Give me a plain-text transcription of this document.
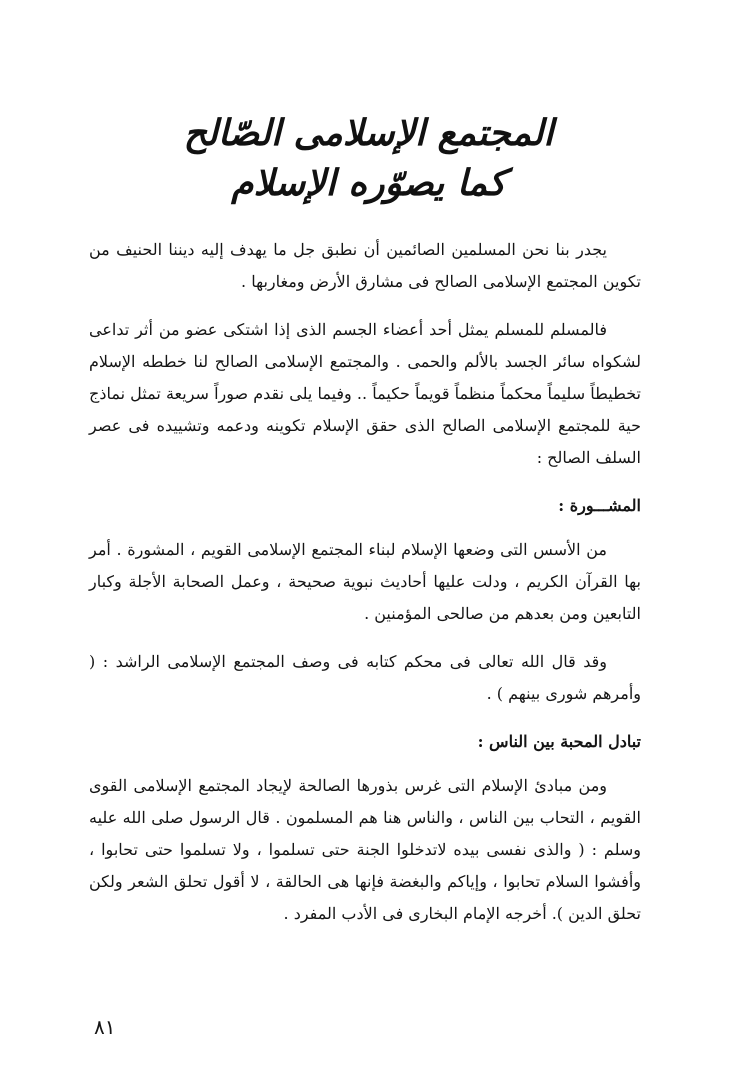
المجتمع الإسلامى الصّالح
كما يصوّره الإسلام

يجدر بنا نحن المسلمين الصائمين أن نطبق جل ما يهدف إليه ديننا الحنيف من تكوين المجتمع الإسلامى الصالح فى مشارق الأرض ومغاربها .

فالمسلم للمسلم يمثل أحد أعضاء الجسم الذى إذا اشتكى عضو من أثر تداعى لشكواه سائر الجسد بالألم والحمى . والمجتمع الإسلامى الصالح لنا خططه الإسلام تخطيطاً سليماً محكماً منظماً قويماً حكيماً .. وفيما يلى نقدم صوراً سريعة تمثل نماذج حية للمجتمع الإسلامى الصالح الذى حقق الإسلام تكوينه ودعمه وتشييده فى عصر السلف الصالح :

المشـــورة :

من الأسس التى وضعها الإسلام لبناء المجتمع الإسلامى القويم ، المشورة . أمر بها القرآن الكريم ، ودلت عليها أحاديث نبوية صحيحة ، وعمل الصحابة الأجلة وكبار التابعين ومن بعدهم من صالحى المؤمنين .

وقد قال الله تعالى فى محكم كتابه فى وصف المجتمع الإسلامى الراشد : ( وأمرهم شورى بينهم ) .

تبادل المحبة بين الناس :

ومن مبادئ الإسلام التى غرس بذورها الصالحة لإيجاد المجتمع الإسلامى القوى القويم ، التحاب بين الناس ، والناس هنا هم المسلمون . قال الرسول صلى الله عليه وسلم : ( والذى نفسى بيده لاتدخلوا الجنة حتى تسلموا ، ولا تسلموا حتى تحابوا ، وأفشوا السلام تحابوا ، وإياكم والبغضة فإنها هى الحالقة ، لا أقول تحلق الشعر ولكن تحلق الدين ). أخرجه الإمام البخارى فى الأدب المفرد .

٨١
